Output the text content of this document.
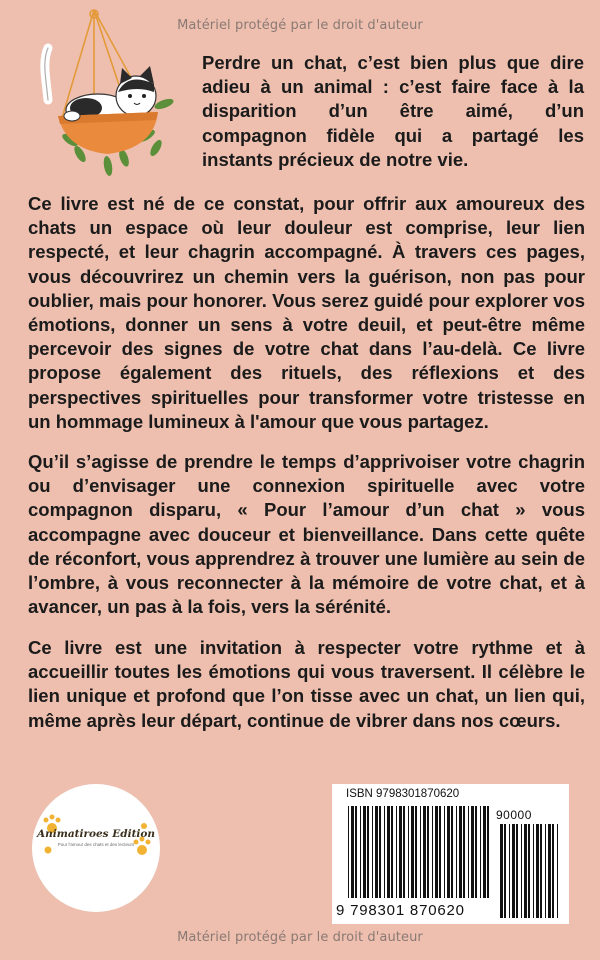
Matériel protégé par le droit d'auteur

Perdre un chat, c’est bien plus que dire adieu à un animal : c’est faire face à la disparition d’un être aimé, d’un compagnon fidèle qui a partagé les instants précieux de notre vie.

Ce livre est né de ce constat, pour offrir aux amoureux des chats un espace où leur douleur est comprise, leur lien respecté, et leur chagrin accompagné. À travers ces pages, vous découvrirez un chemin vers la guérison, non pas pour oublier, mais pour honorer. Vous serez guidé pour explorer vos émotions, donner un sens à votre deuil, et peut-être même percevoir des signes de votre chat dans l’au-delà. Ce livre propose également des rituels, des réflexions et des perspectives spirituelles pour transformer votre tristesse en un hommage lumineux à l'amour que vous partagez.

Qu’il s’agisse de prendre le temps d’apprivoiser votre chagrin ou d’envisager une connexion spirituelle avec votre compagnon disparu, « Pour l’amour d’un chat » vous accompagne avec douceur et bienveillance. Dans cette quête de réconfort, vous apprendrez à trouver une lumière au sein de l’ombre, à vous reconnecter à la mémoire de votre chat, et à avancer, un pas à la fois, vers la sérénité.

Ce livre est une invitation à respecter votre rythme et à accueillir toutes les émotions qui vous traversent. Il célèbre le lien unique et profond que l’on tisse avec un chat, un lien qui, même après leur départ, continue de vibrer dans nos cœurs.

Animatiroes Edition
Pour l'amour des chats et des lecteurs
ISBN 9798301870620
90000
9 798301 870620
Matériel protégé par le droit d'auteur
